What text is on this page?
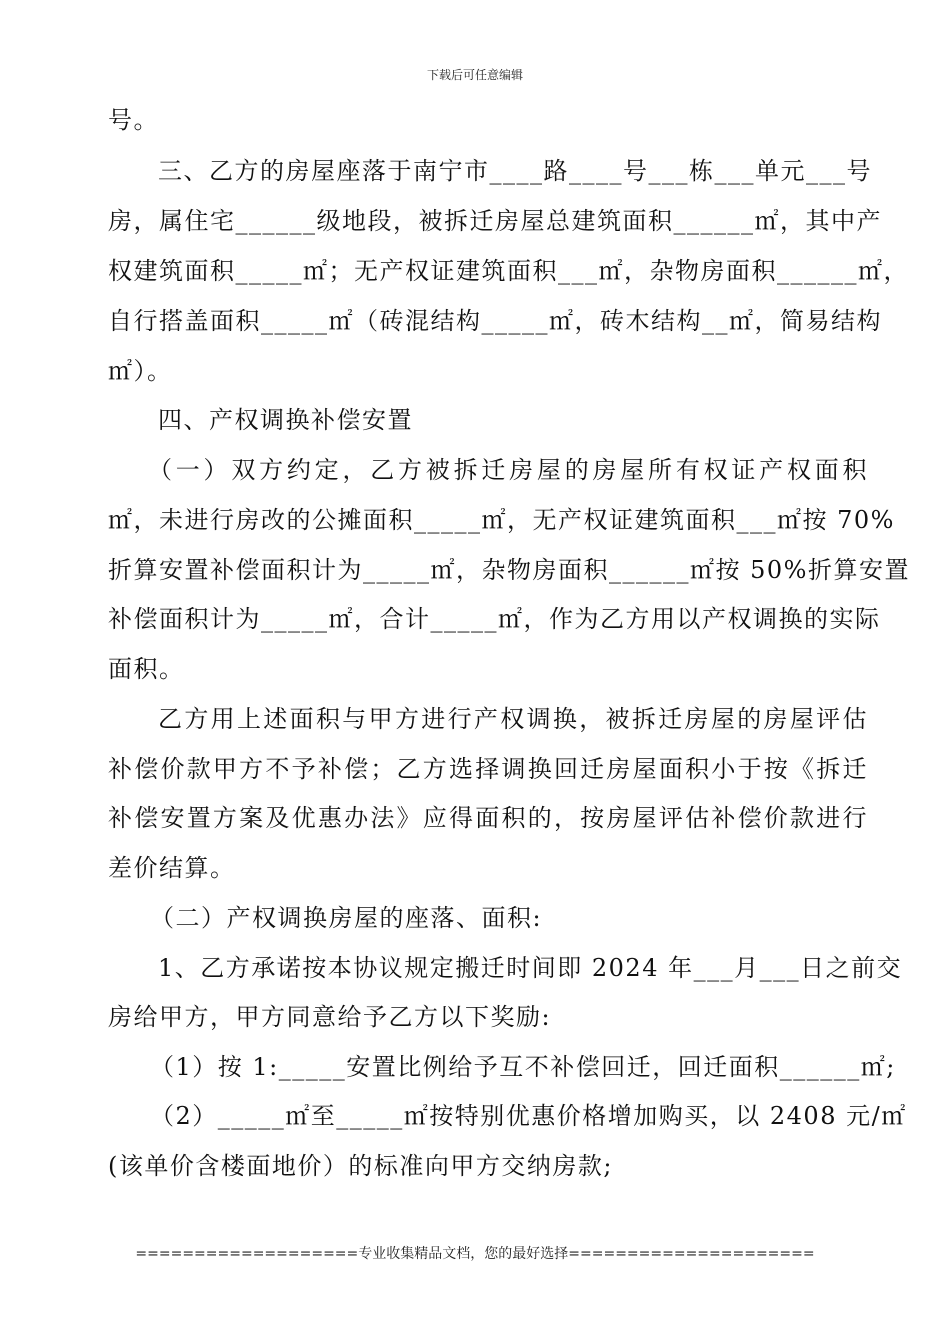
下载后可任意编辑
号。
三、乙方的房屋座落于南宁市____路____号___栋___单元___号
房，属住宅______级地段，被拆迁房屋总建筑面积______㎡，其中产
权建筑面积_____㎡；无产权证建筑面积___㎡，杂物房面积______㎡，
自行搭盖面积_____㎡（砖混结构_____㎡，砖木结构__㎡，简易结构
㎡）。
四、产权调换补偿安置
（一）双方约定，乙方被拆迁房屋的房屋所有权证产权面积
㎡，未进行房改的公摊面积_____㎡，无产权证建筑面积___㎡按 70%
折算安置补偿面积计为_____㎡，杂物房面积______㎡按 50%折算安置
补偿面积计为_____㎡，合计_____㎡，作为乙方用以产权调换的实际
面积。
乙方用上述面积与甲方进行产权调换，被拆迁房屋的房屋评估
补偿价款甲方不予补偿；乙方选择调换回迁房屋面积小于按《拆迁
补偿安置方案及优惠办法》应得面积的，按房屋评估补偿价款进行
差价结算。
（二）产权调换房屋的座落、面积:
1、乙方承诺按本协议规定搬迁时间即 2024 年___月___日之前交
房给甲方，甲方同意给予乙方以下奖励:
（1）按 1:_____安置比例给予互不补偿回迁，回迁面积______㎡;
（2）_____㎡至_____㎡按特别优惠价格增加购买，以 2408 元/㎡
(该单价含楼面地价）的标准向甲方交纳房款;
===================专业收集精品文档，您的最好选择=====================
